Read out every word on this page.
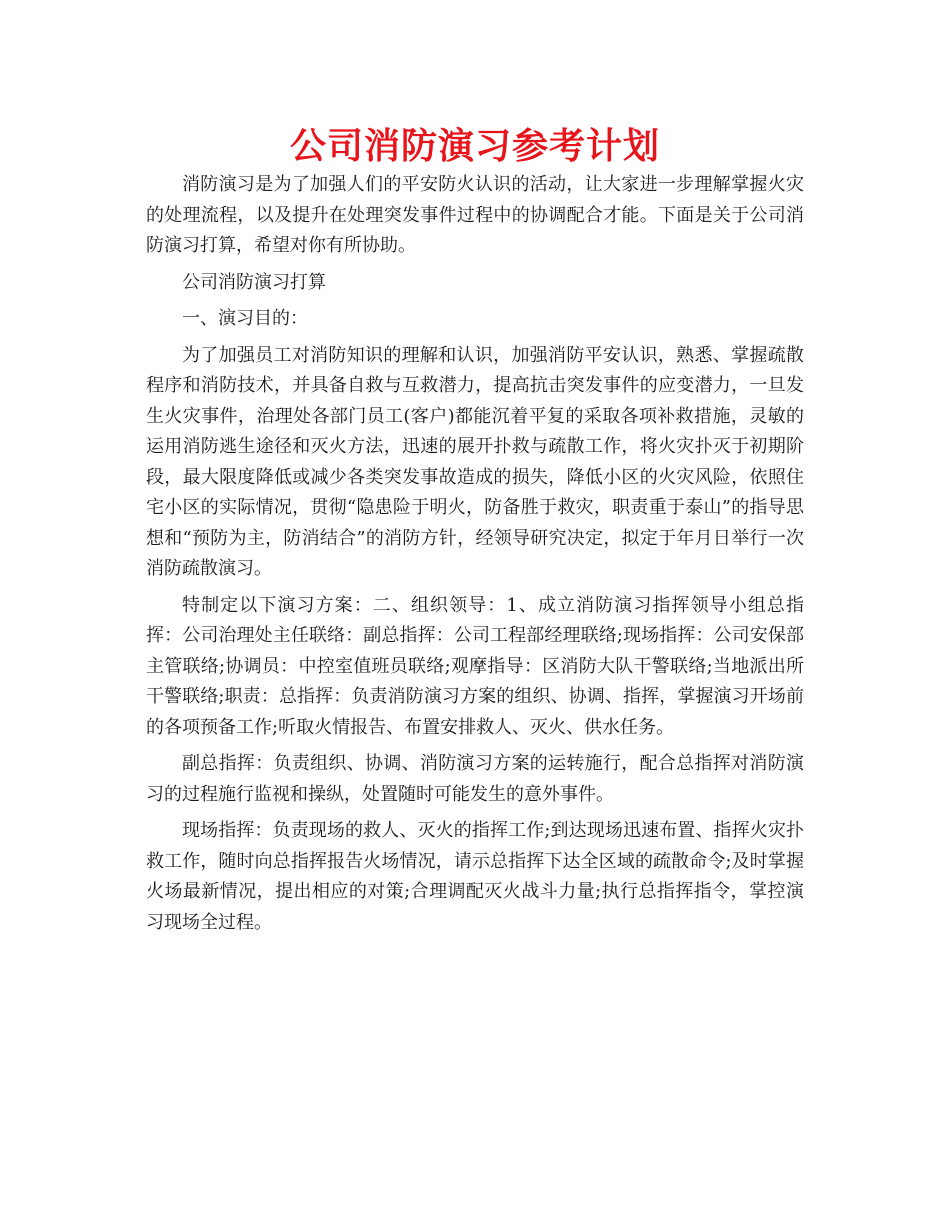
公司消防演习参考计划

消防演习是为了加强人们的平安防火认识的活动，让大家进一步理解掌握火灾的处理流程，以及提升在处理突发事件过程中的协调配合才能。下面是关于公司消防演习打算，希望对你有所协助。

公司消防演习打算

一、演习目的：

为了加强员工对消防知识的理解和认识，加强消防平安认识，熟悉、掌握疏散程序和消防技术，并具备自救与互救潜力，提高抗击突发事件的应变潜力，一旦发生火灾事件，治理处各部门员工(客户)都能沉着平复的采取各项补救措施，灵敏的运用消防逃生途径和灭火方法，迅速的展开扑救与疏散工作，将火灾扑灭于初期阶段，最大限度降低或减少各类突发事故造成的损失，降低小区的火灾风险，依照住宅小区的实际情况，贯彻“隐患险于明火，防备胜于救灾，职责重于泰山”的指导思想和“预防为主，防消结合”的消防方针，经领导研究决定，拟定于年月日举行一次消防疏散演习。

特制定以下演习方案：二、组织领导：1、成立消防演习指挥领导小组总指挥：公司治理处主任联络：副总指挥：公司工程部经理联络;现场指挥：公司安保部主管联络;协调员：中控室值班员联络;观摩指导：区消防大队干警联络;当地派出所干警联络;职责：总指挥：负责消防演习方案的组织、协调、指挥，掌握演习开场前的各项预备工作;听取火情报告、布置安排救人、灭火、供水任务。

副总指挥：负责组织、协调、消防演习方案的运转施行，配合总指挥对消防演习的过程施行监视和操纵，处置随时可能发生的意外事件。

现场指挥：负责现场的救人、灭火的指挥工作;到达现场迅速布置、指挥火灾扑救工作，随时向总指挥报告火场情况，请示总指挥下达全区域的疏散命令;及时掌握火场最新情况，提出相应的对策;合理调配灭火战斗力量;执行总指挥指令，掌控演习现场全过程。
